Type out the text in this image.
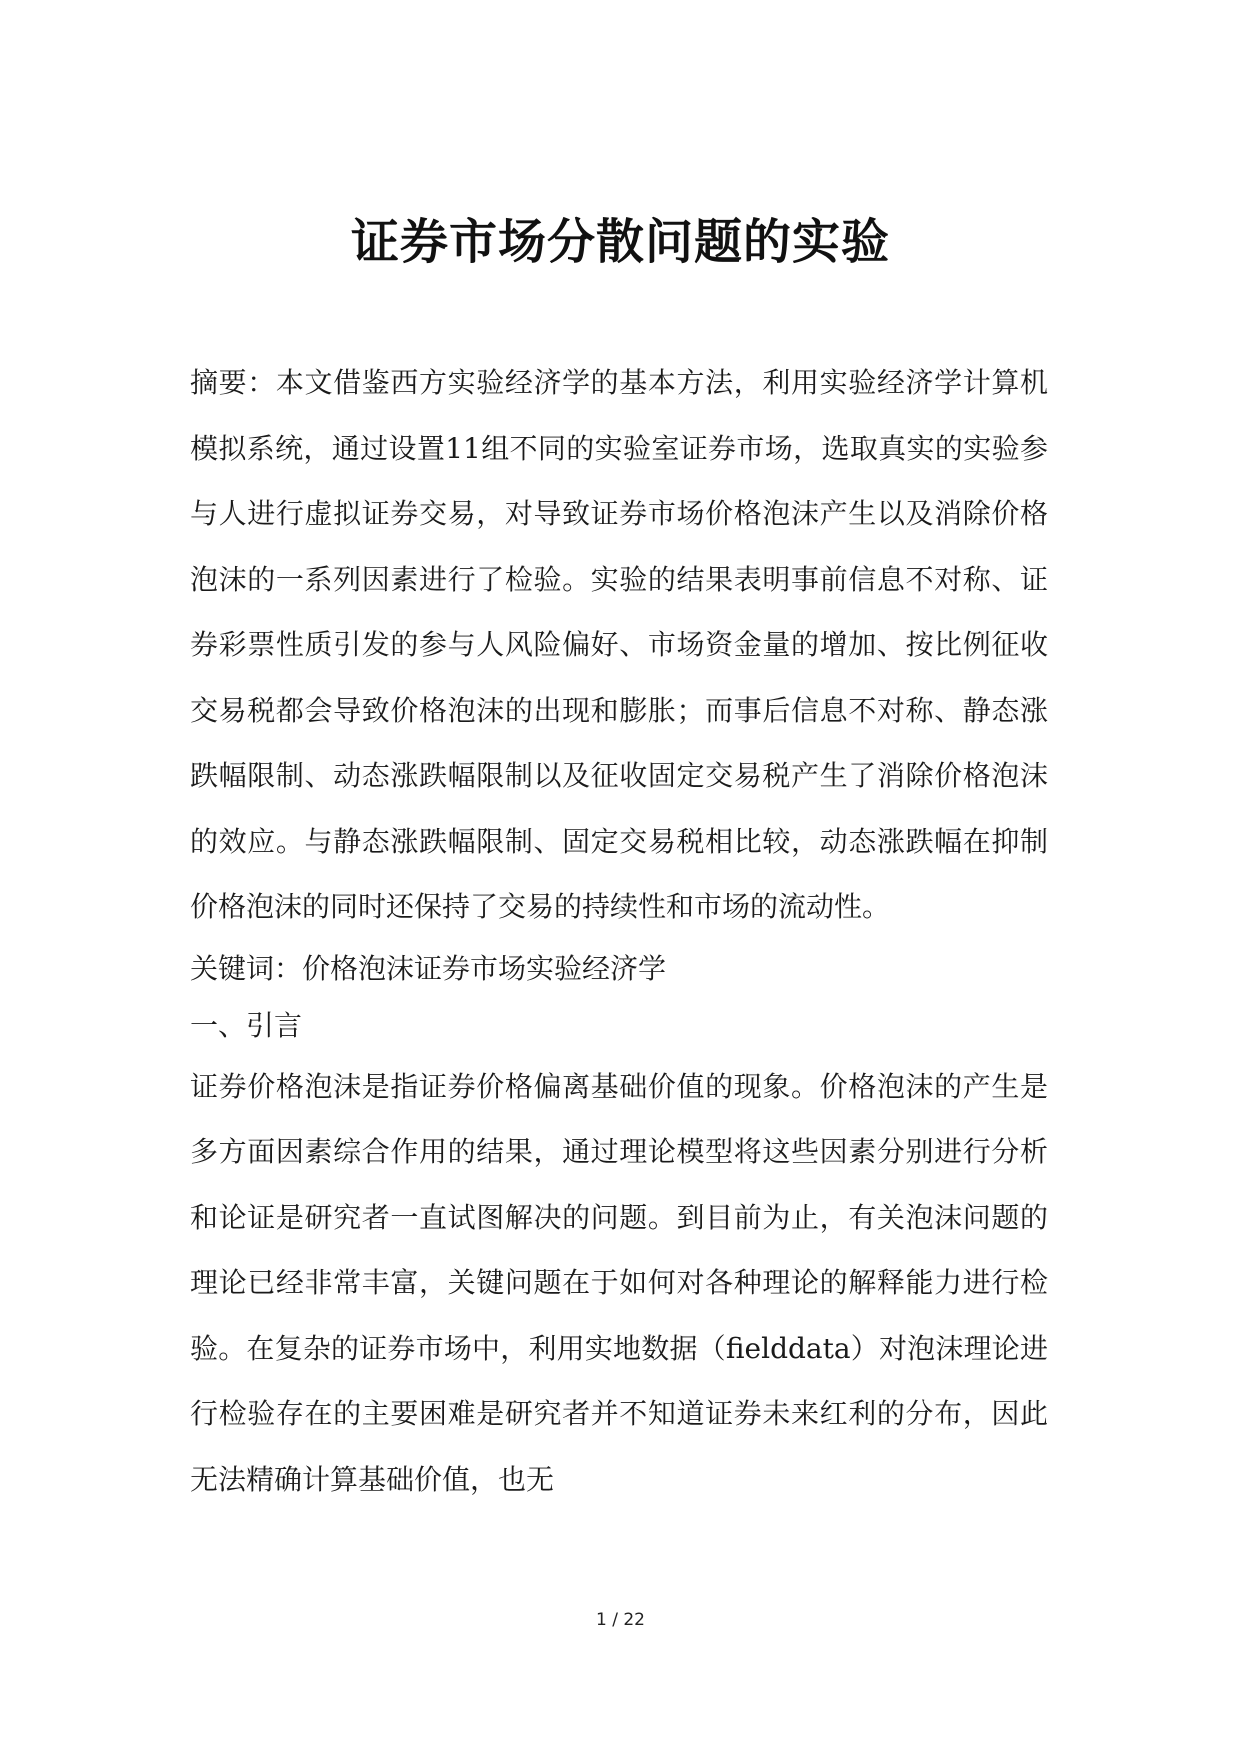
证券市场分散问题的实验

摘要：本文借鉴西方实验经济学的基本方法，利用实验经济学计算机模拟系统，通过设置11组不同的实验室证券市场，选取真实的实验参与人进行虚拟证券交易，对导致证券市场价格泡沫产生以及消除价格泡沫的一系列因素进行了检验。实验的结果表明事前信息不对称、证券彩票性质引发的参与人风险偏好、市场资金量的增加、按比例征收交易税都会导致价格泡沫的出现和膨胀；而事后信息不对称、静态涨跌幅限制、动态涨跌幅限制以及征收固定交易税产生了消除价格泡沫的效应。与静态涨跌幅限制、固定交易税相比较，动态涨跌幅在抑制价格泡沫的同时还保持了交易的持续性和市场的流动性。

关键词：价格泡沫证券市场实验经济学

一、引言

证券价格泡沫是指证券价格偏离基础价值的现象。价格泡沫的产生是多方面因素综合作用的结果，通过理论模型将这些因素分别进行分析和论证是研究者一直试图解决的问题。到目前为止，有关泡沫问题的理论已经非常丰富，关键问题在于如何对各种理论的解释能力进行检验。在复杂的证券市场中，利用实地数据（fielddata）对泡沫理论进行检验存在的主要困难是研究者并不知道证券未来红利的分布，因此无法精确计算基础价值，也无

1 / 22
